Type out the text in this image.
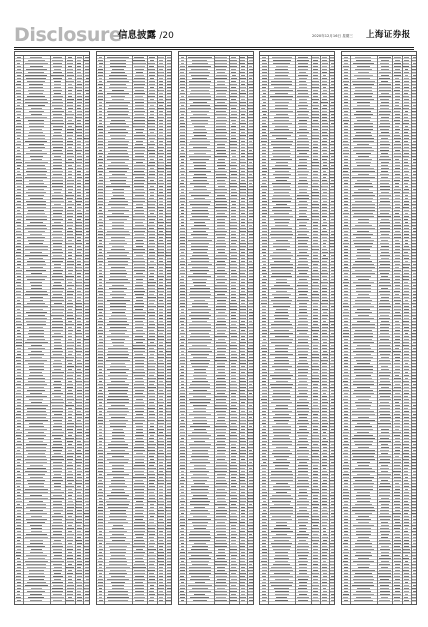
Disclosure
信息披露 /20	2020年12月16日 星期三 上海证券报
